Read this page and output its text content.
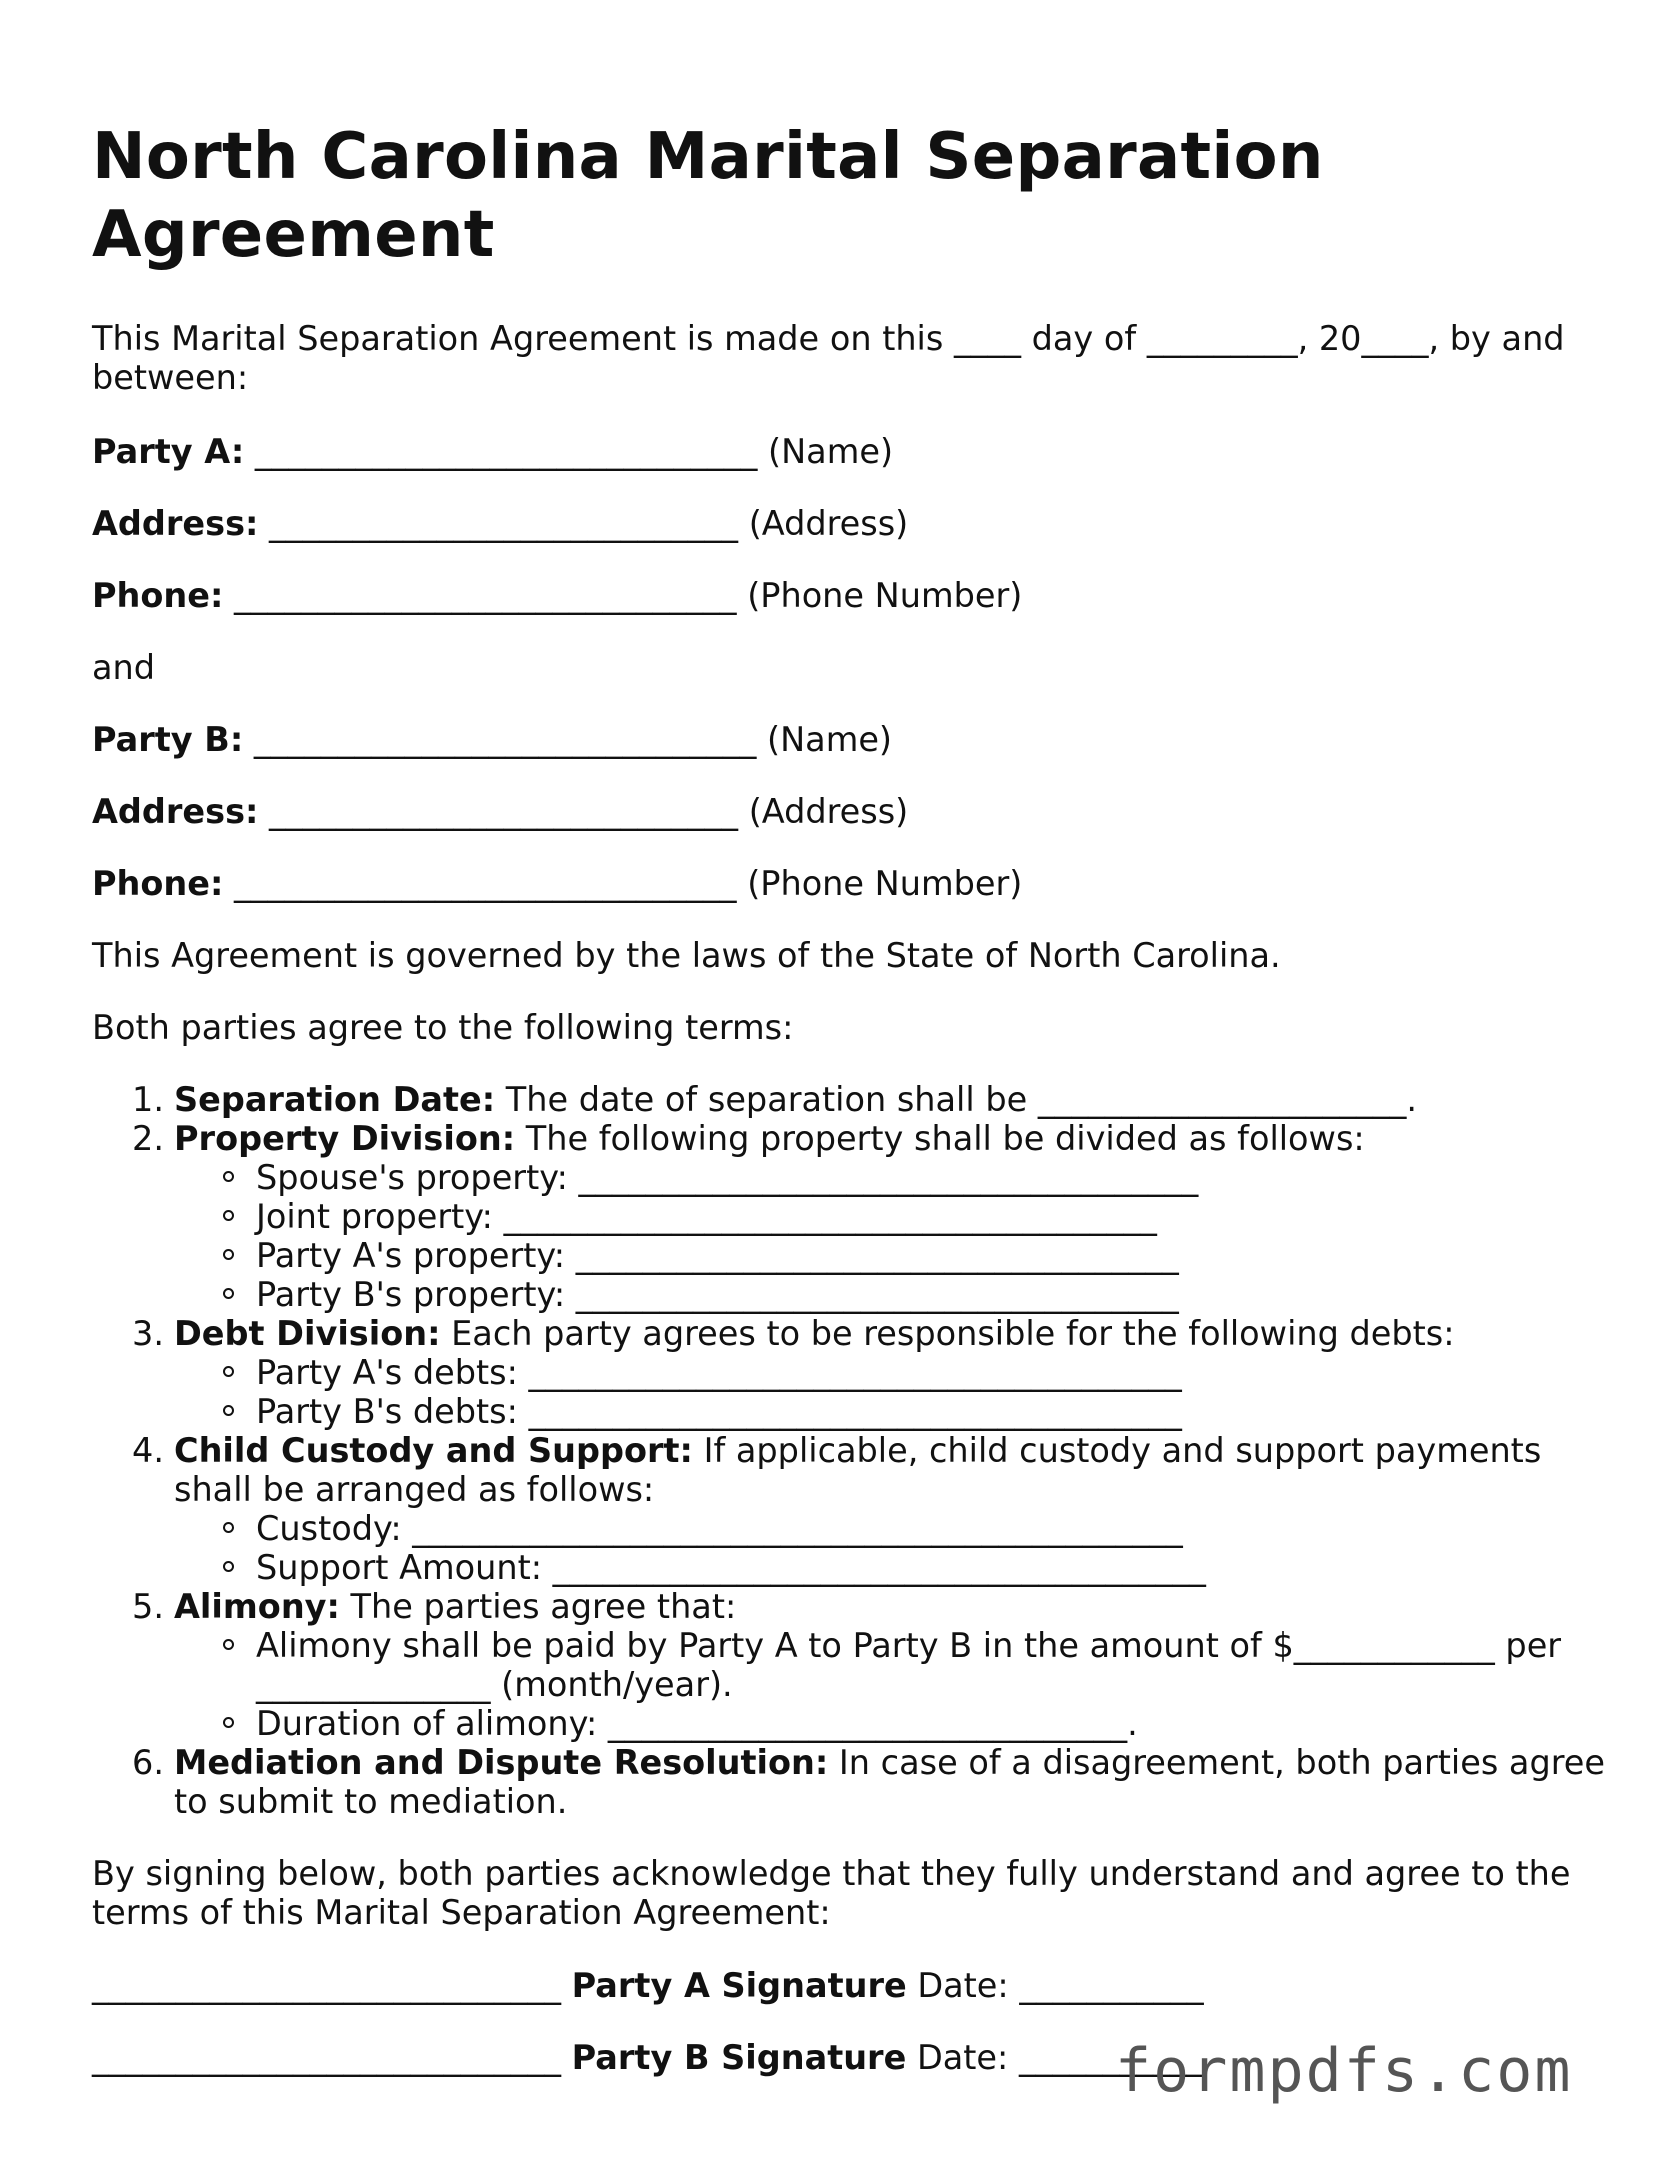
North Carolina Marital Separation Agreement
This Marital Separation Agreement is made on this ____ day of _________, 20____, by and between:
Party A: ______________________________ (Name)
Address: ____________________________ (Address)
Phone: ______________________________ (Phone Number)
and
Party B: ______________________________ (Name)
Address: ____________________________ (Address)
Phone: ______________________________ (Phone Number)
This Agreement is governed by the laws of the State of North Carolina.
Both parties agree to the following terms:
1. Separation Date: The date of separation shall be ______________________.
2. Property Division: The following property shall be divided as follows:
Spouse's property: _____________________________________
Joint property: _______________________________________
Party A's property: ____________________________________
Party B's property: ____________________________________
3. Debt Division: Each party agrees to be responsible for the following debts:
Party A's debts: _______________________________________
Party B's debts: _______________________________________
4. Child Custody and Support: If applicable, child custody and support payments
shall be arranged as follows:
Custody: ______________________________________________
Support Amount: _______________________________________
5. Alimony: The parties agree that:
Alimony shall be paid by Party A to Party B in the amount of $____________ per
______________ (month/year).
Duration of alimony: _______________________________.
6. Mediation and Dispute Resolution: In case of a disagreement, both parties agree
to submit to mediation.
By signing below, both parties acknowledge that they fully understand and agree to the terms of this Marital Separation Agreement:
____________________________ Party A Signature Date: ___________
____________________________ Party B Signature Date: ___________
formpdfs.com
